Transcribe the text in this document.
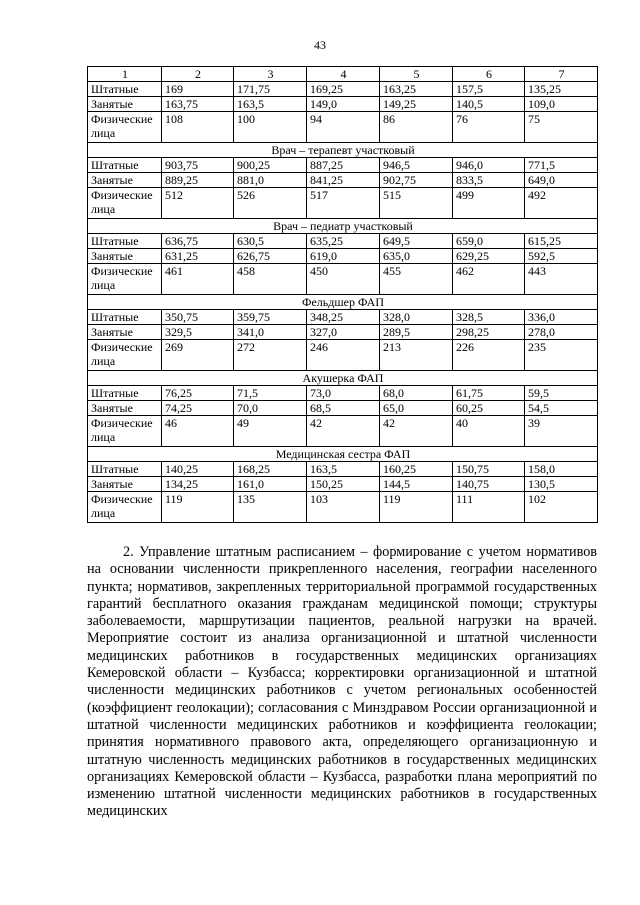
43
1	2	3	4	5	6	7
Штатные	169	171,75	169,25	163,25	157,5	135,25
Занятые	163,75	163,5	149,0	149,25	140,5	109,0
Физические лица	108	100	94	86	76	75
Врач – терапевт участковый						
Штатные	903,75	900,25	887,25	946,5	946,0	771,5
Занятые	889,25	881,0	841,25	902,75	833,5	649,0
Физические лица	512	526	517	515	499	492
Врач – педиатр участковый						
Штатные	636,75	630,5	635,25	649,5	659,0	615,25
Занятые	631,25	626,75	619,0	635,0	629,25	592,5
Физические лица	461	458	450	455	462	443
Фельдшер ФАП						
Штатные	350,75	359,75	348,25	328,0	328,5	336,0
Занятые	329,5	341,0	327,0	289,5	298,25	278,0
Физические лица	269	272	246	213	226	235
Акушерка ФАП						
Штатные	76,25	71,5	73,0	68,0	61,75	59,5
Занятые	74,25	70,0	68,5	65,0	60,25	54,5
Физические лица	46	49	42	42	40	39
Медицинская сестра ФАП						
Штатные	140,25	168,25	163,5	160,25	150,75	158,0
Занятые	134,25	161,0	150,25	144,5	140,75	130,5
Физические лица	119	135	103	119	111	102

2. Управление штатным расписанием – формирование с учетом нормативов на основании численности прикрепленного населения, географии населенного пункта; нормативов, закрепленных территориальной программой государственных гарантий бесплатного оказания гражданам медицинской помощи; структуры заболеваемости, маршрутизации пациентов, реальной нагрузки на врачей. Мероприятие состоит из анализа организационной и штатной численности медицинских работников в государственных медицинских организациях Кемеровской области – Кузбасса; корректировки организационной и штатной численности медицинских работников с учетом региональных особенностей (коэффициент геолокации); согласования с Минздравом России организационной и штатной численности медицинских работников и коэффициента геолокации; принятия нормативного правового акта, определяющего организационную и штатную численность медицинских работников в государственных медицинских организациях Кемеровской области – Кузбасса, разработки плана мероприятий по изменению штатной численности медицинских работников в государственных медицинских
